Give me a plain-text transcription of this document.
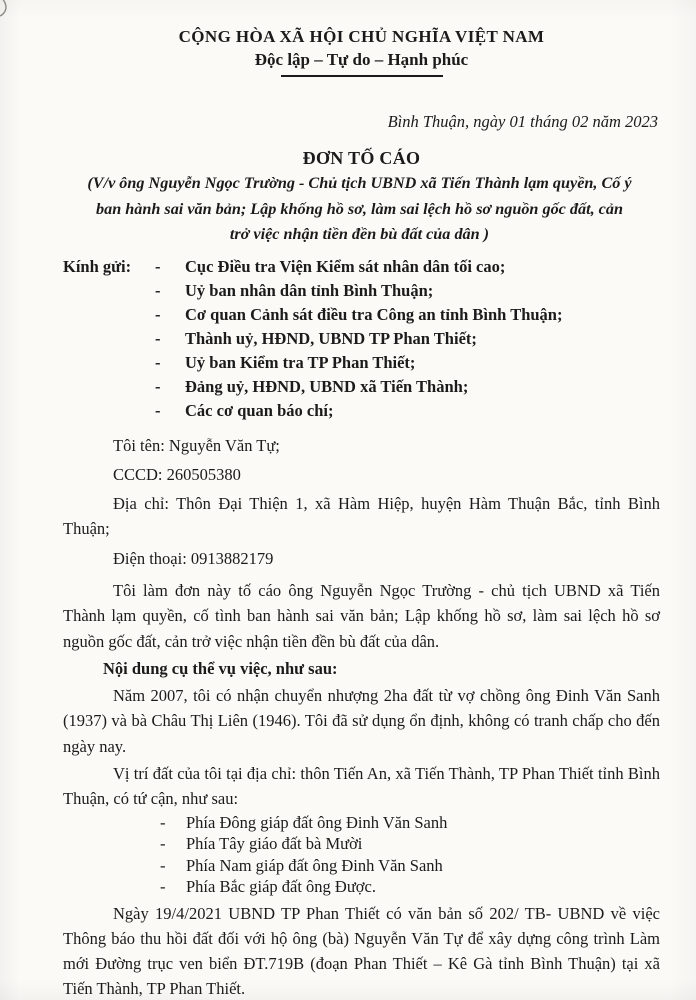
CỘNG HÒA XÃ HỘI CHỦ NGHĨA VIỆT NAM
Độc lập – Tự do – Hạnh phúc
Bình Thuận, ngày 01 tháng 02 năm 2023
ĐƠN TỐ CÁO
(V/v ông Nguyễn Ngọc Trường - Chủ tịch UBND xã Tiến Thành lạm quyền, Cố ý
ban hành sai văn bản; Lập khống hồ sơ, làm sai lệch hồ sơ nguồn gốc đất, cản
trở việc nhận tiền đền bù đất của dân )
Kính gửi:	-	Cục Điều tra Viện Kiểm sát nhân dân tối cao;
-	Uỷ ban nhân dân tỉnh Bình Thuận;
-	Cơ quan Cảnh sát điều tra Công an tỉnh Bình Thuận;
-	Thành uỷ, HĐND, UBND TP Phan Thiết;
-	Uỷ ban Kiểm tra TP Phan Thiết;
-	Đảng uỷ, HĐND, UBND xã Tiến Thành;
-	Các cơ quan báo chí;

Tôi tên: Nguyễn Văn Tự;

CCCD: 260505380

Địa chỉ: Thôn Đại Thiện 1, xã Hàm Hiệp, huyện Hàm Thuận Bắc, tỉnh Bình Thuận;

Điện thoại: 0913882179

Tôi làm đơn này tố cáo ông Nguyễn Ngọc Trường - chủ tịch UBND xã Tiến Thành lạm quyền, cố tình ban hành sai văn bản; Lập khống hồ sơ, làm sai lệch hồ sơ nguồn gốc đất, cản trở việc nhận tiền đền bù đất của dân.

Nội dung cụ thể vụ việc, như sau:

Năm 2007, tôi có nhận chuyển nhượng 2ha đất từ vợ chồng ông Đinh Văn Sanh (1937) và bà Châu Thị Liên (1946). Tôi đã sử dụng ổn định, không có tranh chấp cho đến ngày nay.

Vị trí đất của tôi tại địa chỉ: thôn Tiến An, xã Tiến Thành, TP Phan Thiết tỉnh Bình Thuận, có tứ cận, như sau:

-	Phía Đông giáp đất ông Đinh Văn Sanh
-	Phía Tây giáo đất bà Mười
-	Phía Nam giáp đất ông Đinh Văn Sanh
-	Phía Bắc giáp đất ông Được.

Ngày 19/4/2021 UBND TP Phan Thiết có văn bản số 202/ TB- UBND về việc Thông báo thu hồi đất đối với hộ ông (bà) Nguyễn Văn Tự để xây dựng công trình Làm mới Đường trục ven biển ĐT.719B (đoạn Phan Thiết – Kê Gà tỉnh Bình Thuận) tại xã Tiến Thành, TP Phan Thiết.
